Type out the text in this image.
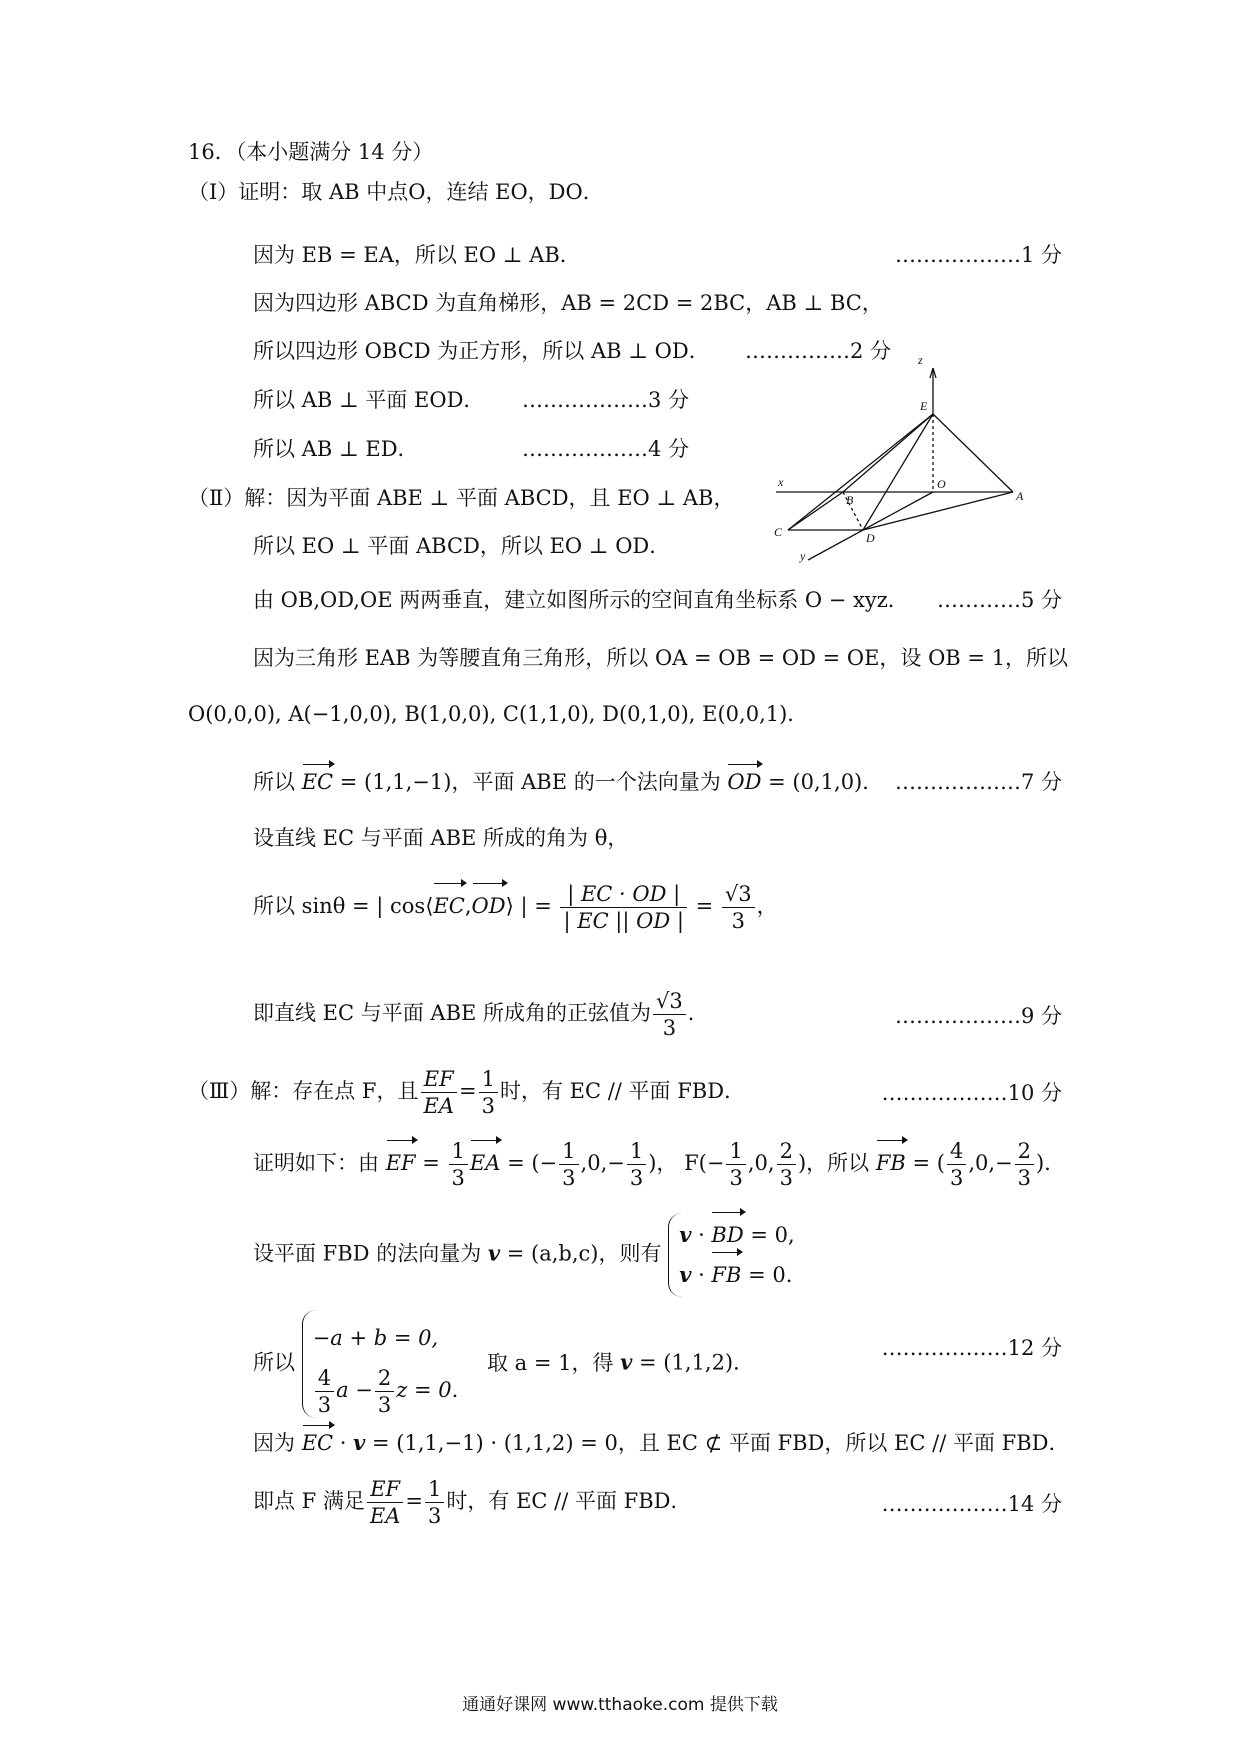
16．（本小题满分 14 分）
（Ⅰ）证明：取 AB 中点O，连结 EO，DO．
因为 EB = EA，所以 EO ⊥ AB．	………………1 分
因为四边形 ABCD 为直角梯形，AB = 2CD = 2BC，AB ⊥ BC，
所以四边形 OBCD 为正方形，所以 AB ⊥ OD． ……………2 分
所以 AB ⊥ 平面 EOD． ………………3 分
所以 AB ⊥ ED．	………………4 分
（Ⅱ）解：因为平面 ABE ⊥ 平面 ABCD，且 EO ⊥ AB，
所以 EO ⊥ 平面 ABCD，所以 EO ⊥ OD．
由 OB,OD,OE 两两垂直，建立如图所示的空间直角坐标系 O − xyz． …………5 分
因为三角形 EAB 为等腰直角三角形，所以 OA = OB = OD = OE，设 OB = 1，所以
O(0,0,0), A(−1,0,0), B(1,0,0), C(1,1,0), D(0,1,0), E(0,0,1)．
所以 EC = (1,1,−1)，平面 ABE 的一个法向量为 OD = (0,1,0)． ………………7 分
设直线 EC 与平面 ABE 所成的角为 θ，
所以 sinθ = | cos⟨EC,OD⟩ | = $\frac{| EC \cdot OD |}{| EC || OD |} = \frac{√3}{3}$ ，
即直线 EC 与平面 ABE 所成角的正弦值为 $\frac{√3}{3}$ ．	………………9 分
（Ⅲ）解：存在点 F，且 $\frac{EF}{EA} = \frac{1}{3}$ 时，有 EC // 平面 FBD．	………………10 分
证明如下：由 EF = $\frac{1}{3}$ EA = (− $\frac{1}{3} ,0,- \frac{1}{3}$ )， $F(- \frac{1}{3} ,0$, $\frac{2}{3}$ )，所以 FB = ( $\frac{4}{3} ,0,- \frac{2}{3}$ )．
设平面 FBD 的法向量为 v = (a,b,c)，则有
v · BD = 0,
v · FB = 0.
所以
−a + b = 0,
$\frac{4}{3}$ $a - \frac{2}{3}$ z = 0.
取 a = 1，得 v = (1,1,2)．
………………12 分
因为 EC · v = (1,1,−1) · (1,1,2) = 0，且 EC ⊄ 平面 FBD，所以 EC // 平面 FBD．
即点 F 满足 $\frac{EF}{EA} = \frac{1}{3}$ 时，有 EC // 平面 FBD．	………………14 分
z
E
x	O
A
B
C	D
y
通通好课网 www.tthaoke.com 提供下载
